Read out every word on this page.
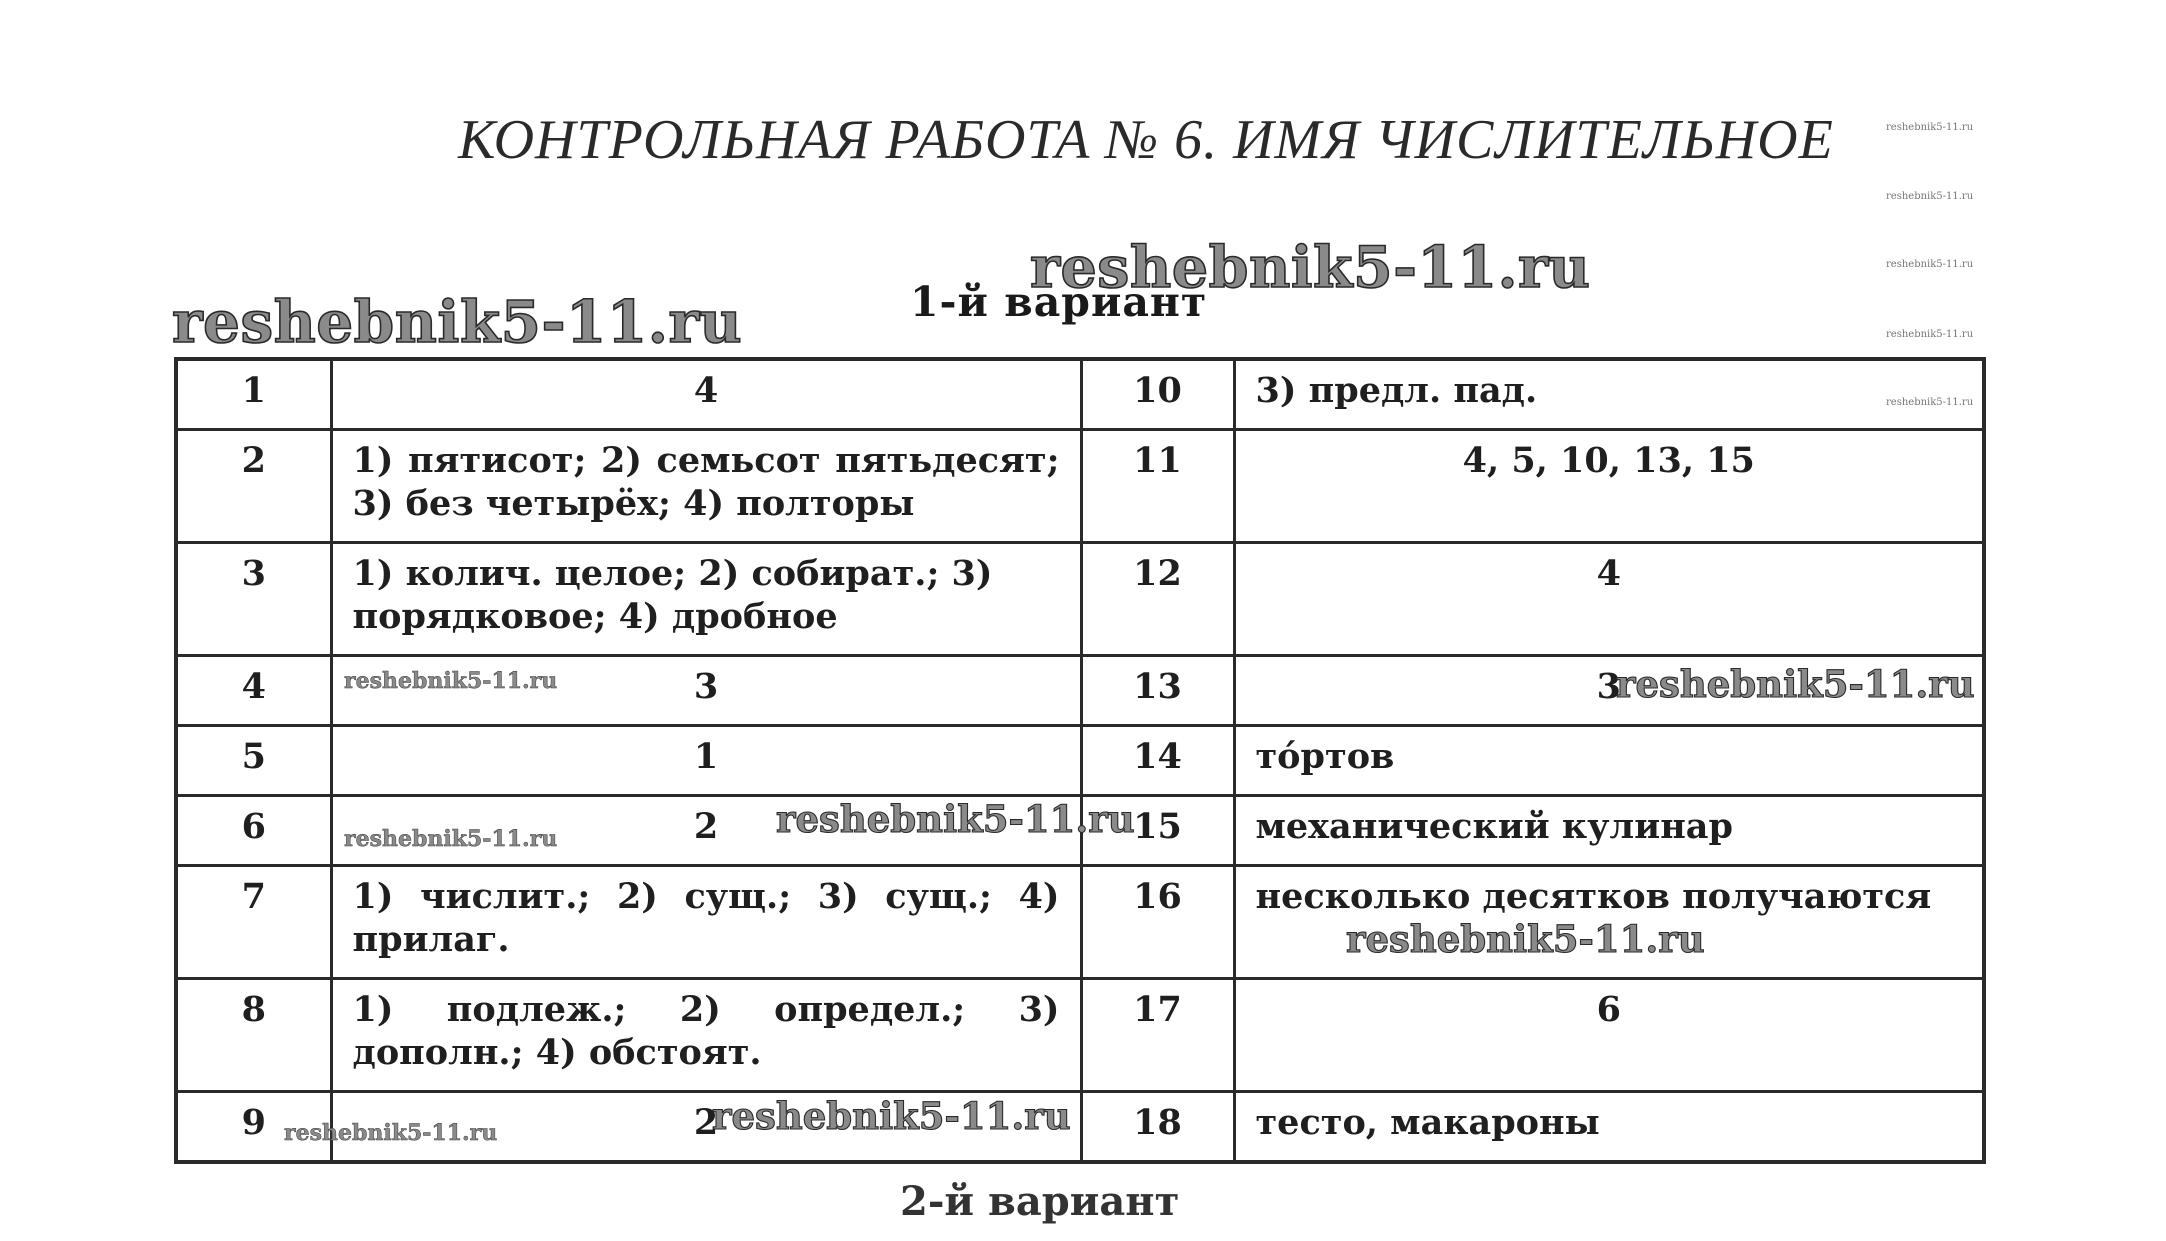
КОНТРОЛЬНАЯ РАБОТА № 6. ИМЯ ЧИСЛИТЕЛЬНОЕ
1-й вариант
1	4	10	3) предл. пад.
2	1) пятисот; 2) семьсот пятьдесят; 3) без четырёх; 4) полторы	11	4, 5, 10, 13, 15
3	1) колич. целое; 2) собират.; 3) порядковое; 4) дробное	12	4
4	3	13	3
5	1	14	тóртов
6	2	15	механический кулинар
7	1) числит.; 2) сущ.; 3) сущ.; 4) прилаг.	16	несколько десятков получаются
8	1) подлеж.; 2) определ.; 3) дополн.; 4) обстоят.	17	6
9	2	18	тесто, макароны
2-й вариант
reshebnik5-11.ru
reshebnik5-11.ru
reshebnik5-11.ru
reshebnik5-11.ru
reshebnik5-11.ru
reshebnik5-11.ru
reshebnik5-11.ru
reshebnik5-11.ru
reshebnik5-11.ru
reshebnik5-11.ru
reshebnik5-11.ru
reshebnik5-11.ru
reshebnik5-11.ru
reshebnik5-11.ru
